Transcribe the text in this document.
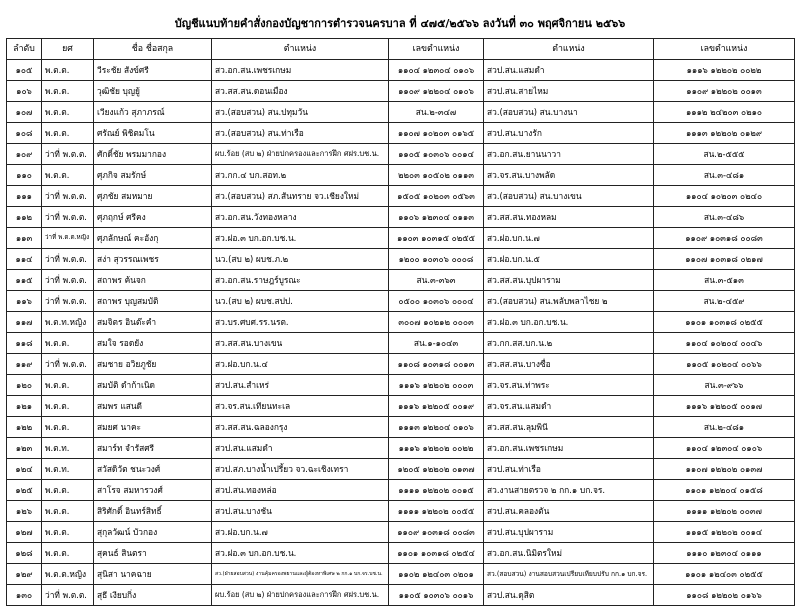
บัญชีแนบท้ายคำสั่งกองบัญชาการตำรวจนครบาล ที่ ๔๗๕/๒๕๖๖ ลงวันที่ ๓๐ พฤศจิกายน ๒๕๖๖
ลำดับ	ยศ	ชื่อ ชื่อสกุล	ตำแหน่ง	เลขตำแหน่ง	ตำแหน่ง	เลขตำแหน่ง
๑๐๕	พ.ต.ต.	วีระชัย สังข์ศรี	สว.อก.สน.เพชรเกษม	๑๑๐๔ ๑๒๓๐๔ ๐๑๐๖	สวป.สน.แสมดำ	๑๑๑๖ ๑๒๒๐๒ ๐๐๒๒
๑๐๖	พ.ต.ต.	วุฒิชัย บุญยู้	สว.สส.สน.ดอนเมือง	๑๑๐๙ ๑๒๒๐๔ ๐๑๐๖	สวป.สน.สายไหม	๑๑๐๙ ๑๒๒๐๒ ๐๐๑๓
๑๐๗	พ.ต.ต.	เวียงแก้ว สุภาภรณ์	สว.(สอบสวน) สน.ปทุมวัน	สน.๒-๓๔๗	สว.(สอบสวน) สน.บางนา	๑๑๑๒ ๒๔๒๐๓ ๐๒๑๐
๑๐๘	พ.ต.ต.	ศรัณย์ พิชิตมโน	สว.(สอบสวน) สน.ท่าเรือ	๑๑๐๗ ๑๐๒๐๓ ๐๑๖๕	สวป.สน.บางรัก	๑๑๑๓ ๑๒๒๐๒ ๐๑๒๙
๑๐๙	ว่าที่ พ.ต.ต.	ศักดิ์ชัย พรมมากอง	ผบ.ร้อย (สบ ๒) ฝ่ายปกครองและการฝึก ศฝร.บช.น.	๑๑๐๕ ๑๐๓๐๖ ๐๐๑๔	สว.อก.สน.ยานนาวา	สน.๒-๕๕๕
๑๑๐	พ.ต.ต.	ศุภกิจ สมรักษ์	สว.กก.๔ บก.สอท.๒	๒๒๐๓ ๑๐๕๐๒ ๐๑๑๓	สว.จร.สน.บางพลัด	สน.๓-๔๘๑
๑๑๑	ว่าที่ พ.ต.ต.	ศุภชัย สมหมาย	สว.(สอบสวน) สภ.สันทราย จว.เชียงใหม่	๑๕๐๕ ๑๐๒๐๓ ๐๕๖๓	สว.(สอบสวน) สน.บางเขน	๑๑๐๔ ๑๐๒๐๓ ๐๒๔๐
๑๑๒	ว่าที่ พ.ต.ต.	ศุภฤกษ์ ศรีคง	สว.อก.สน.วังทองหลาง	๑๑๐๖ ๑๒๓๐๔ ๐๑๑๓	สว.สส.สน.ทองหลม	สน.๓-๔๘๖
๑๑๓	ว่าที่ พ.ต.ต.หญิง	ศุภลักษณ์ คะอังกุ	สว.ฝอ.๓ บก.อก.บช.น.	๑๑๐๓ ๑๐๓๑๕ ๐๒๕๕	สว.ฝอ.บก.น.๗	๑๑๐๙ ๑๐๓๑๘ ๐๐๘๓
๑๑๔	ว่าที่ พ.ต.ต.	สง่า สุวรรณเพชร	นว.(สบ ๒) ผบช.ภ.๒	๑๒๐๐ ๑๐๓๐๖ ๐๐๐๘	สว.ฝอ.บก.น.๕	๑๑๐๗ ๑๐๓๑๘ ๐๒๑๗
๑๑๕	ว่าที่ พ.ต.ต.	สถาพร ค้นจก	สว.อก.สน.ราษฎร์บูรณะ	สน.๓-๓๖๓	สว.สส.สน.บุปผาราม	สน.๓-๕๑๓
๑๑๖	ว่าที่ พ.ต.ต.	สถาพร บุญสมบัติ	นว.(สบ ๒) ผบช.สปป.	๐๕๐๐ ๑๐๓๐๖ ๐๐๐๔	สว.(สอบสวน) สน.พลับพลาไชย ๒	สน.๒-๔๕๙
๑๑๗	พ.ต.ท.หญิง	สมจิตร อินต๊ะคำ	สว.บร.ศบศ.รร.นรต.	๓๐๐๗ ๑๐๒๑๒ ๐๐๐๓	สว.ฝอ.๓ บก.อก.บช.น.	๑๑๐๑ ๑๐๓๑๘ ๐๒๕๕
๑๑๘	พ.ต.ต.	สมใจ รอดยัง	สว.สส.สน.บางเขน	สน.๑-๑๐๔๓	สว.กก.สส.บก.น.๒	๑๑๐๔ ๑๐๒๐๔ ๐๐๔๖
๑๑๙	ว่าที่ พ.ต.ต.	สมชาย อวิยภูชัย	สว.ฝอ.บก.น.๔	๑๑๐๘ ๑๐๓๑๘ ๐๐๑๓	สว.สส.สน.บางซื่อ	๑๑๐๕ ๑๐๒๐๔ ๐๐๖๖
๑๒๐	พ.ต.ต.	สมบัติ ดำก้าเนิด	สวป.สน.สำเหร่	๑๑๑๖ ๑๒๒๐๒ ๐๐๐๓	สว.จร.สน.ท่าพระ	สน.๓-๙๖๖
๑๒๑	พ.ต.ต.	สมพร แสนดี	สว.จร.สน.เทียนทะเล	๑๑๑๖ ๑๒๒๐๕ ๐๐๑๙	สว.จร.สน.แสมดำ	๑๑๑๖ ๑๒๒๐๕ ๐๐๑๗
๑๒๒	พ.ต.ต.	สมยศ นาคะ	สว.สส.สน.ฉลองกรุง	๑๑๑๓ ๑๒๒๐๔ ๐๑๐๖	สว.สส.สน.ลุมพินี	สน.๒-๔๘๑
๑๒๓	พ.ต.ท.	สมาร์ท จำรัสศรี	สวป.สน.แสมดำ	๑๑๑๖ ๑๒๒๐๒ ๐๐๒๒	สว.อก.สน.เพชรเกษม	๑๑๐๔ ๑๒๓๐๔ ๐๑๐๖
๑๒๔	พ.ต.ท.	สวัสดิวัต ชนะวงศ์	สวป.สภ.บางน้ำเปรี้ยว จว.ฉะเชิงเทรา	๑๒๐๕ ๑๒๒๐๒ ๐๑๓๗	สวป.สน.ท่าเรือ	๑๑๐๗ ๑๒๒๐๒ ๐๑๓๗
๑๒๕	พ.ต.ต.	สาโรจ สมหารวงศ์	สวป.สน.ทองหล่อ	๑๑๑๑ ๑๒๒๐๒ ๐๐๑๕	สว.งานสายตรวจ ๒ กก.๑ บก.จร.	๑๑๐๑ ๑๒๒๐๔ ๐๑๕๘
๑๒๖	พ.ต.ต.	สิริศักดิ์ อินทร์สิทธิ์	สวป.สน.บางชัน	๑๑๑๑ ๑๒๒๐๒ ๐๐๕๕	สวป.สน.คลองตัน	๑๑๑๑ ๑๒๒๐๒ ๐๐๓๗
๑๒๗	พ.ต.ต.	สุกุลวัฒน์ บัวกอง	สว.ฝอ.บก.น.๗	๑๑๐๙ ๑๐๓๑๘ ๐๐๘๓	สวป.สน.บุปผาราม	๑๑๑๕ ๑๒๒๐๒ ๐๐๑๔
๑๒๘	พ.ต.ต.	สุคนธ์ สินตรา	สว.ฝอ.๓ บก.อก.บช.น.	๑๑๐๑ ๑๐๓๑๘ ๐๒๕๔	สว.อก.สน.นิมิตรใหม่	๑๑๑๐ ๑๒๓๐๔ ๐๑๑๑
๑๒๙	พ.ต.ต.หญิง	สุนิสา นาคฉาย	สว.(ฝ่ายสอบสวน) งานคุ้มครองพยานและผู้ต้องหาพิเศษ ๒ กก.๑ บก.จร.บช.น.	๑๑๐๒ ๑๒๔๐๓ ๐๒๐๑	สว.(สอบสวน) งานสอบสวนเปรียบเทียบปรับ กก.๑ บก.จร.	๑๑๐๑ ๑๒๔๐๓ ๐๒๕๕
๑๓๐	ว่าที่ พ.ต.ต.	สุธี เงียบกิ่ง	ผบ.ร้อย (สบ ๒) ฝ่ายปกครองและการฝึก ศฝร.บช.น.	๑๑๐๕ ๑๐๓๐๖ ๐๐๑๖	สวป.สน.ดุสิต	๑๑๐๘ ๑๒๒๐๒ ๐๑๖๖
